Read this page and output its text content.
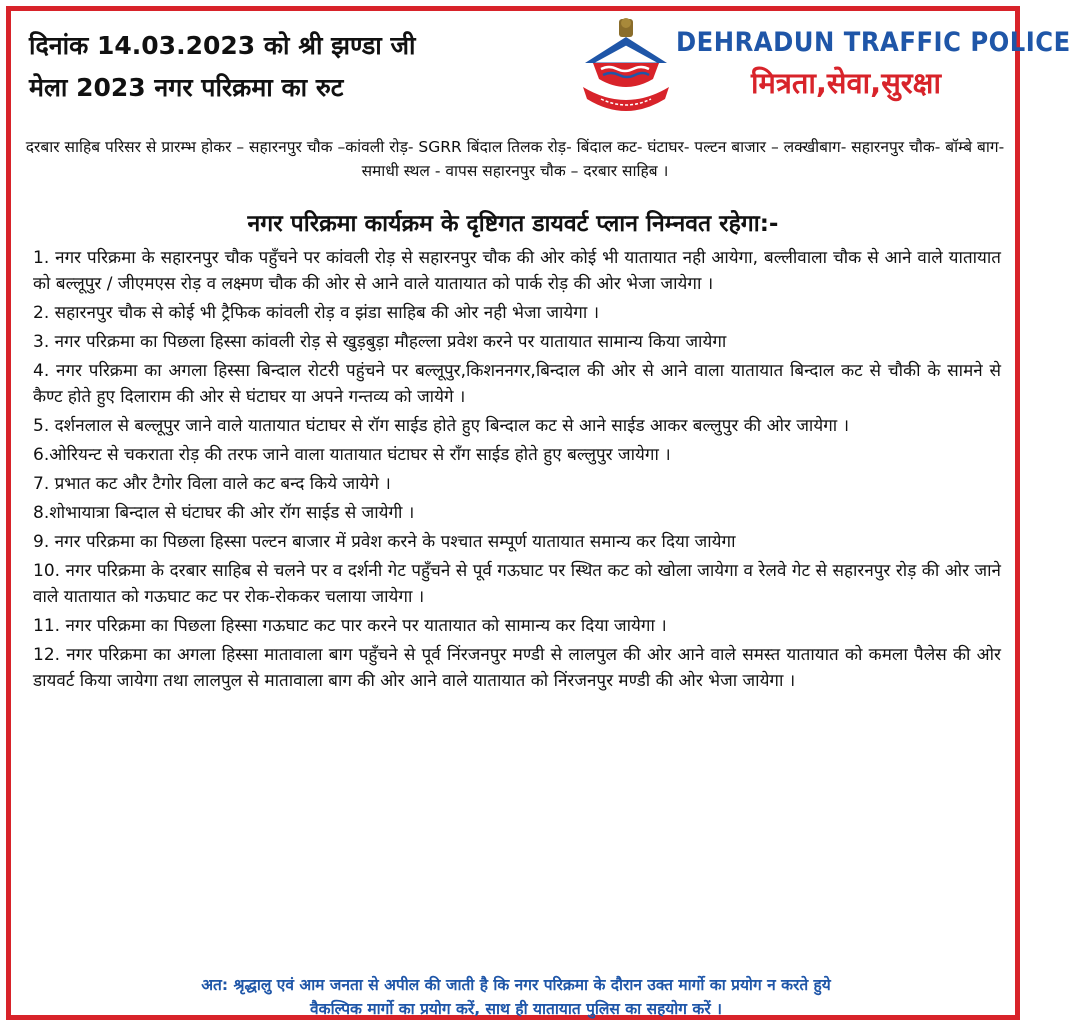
दिनांक 14.03.2023 को श्री झण्डा जी
मेला 2023 नगर परिक्रमा का रुट
DEHRADUN TRAFFIC POLICE
मित्रता,सेवा,सुरक्षा
दरबार साहिब परिसर से प्रारम्भ होकर – सहारनपुर चौक –कांवली रोड़- SGRR बिंदाल तिलक रोड़- बिंदाल कट- घंटाघर- पल्टन बाजार – लक्खीबाग- सहारनपुर चौक- बॉम्बे बाग- समाधी स्थल - वापस सहारनपुर चौक – दरबार साहिब ।
नगर परिक्रमा कार्यक्रम के दृष्टिगत डायवर्ट प्लान निम्नवत रहेगा:-
1. नगर परिक्रमा के सहारनपुर चौक पहुँचने पर कांवली रोड़ से सहारनपुर चौक की ओर कोई भी यातायात नही आयेगा, बल्लीवाला चौक से आने वाले यातायात को बल्लूपुर / जीएमएस रोड़ व लक्ष्मण चौक की ओर से आने वाले यातायात को पार्क रोड़ की ओर भेजा जायेगा ।
2. सहारनपुर चौक से कोई भी ट्रैफिक कांवली रोड़ व झंडा साहिब की ओर नही भेजा जायेगा ।
3. नगर परिक्रमा का पिछला हिस्सा कांवली रोड़ से खुड़बुड़ा मौहल्ला प्रवेश करने पर यातायात सामान्य किया जायेगा
4. नगर परिक्रमा का अगला हिस्सा बिन्दाल रोटरी पहुंचने पर बल्लूपुर,किशननगर,बिन्दाल की ओर से आने वाला यातायात बिन्दाल कट से चौकी के सामने से कैण्ट होते हुए दिलाराम की ओर से घंटाघर या अपने गन्तव्य को जायेगे ।
5. दर्शनलाल से बल्लूपुर जाने वाले यातायात घंटाघर से रॉग साईड होते हुए बिन्दाल कट से आने साईड आकर बल्लुपुर की ओर जायेगा ।
6.ओरियन्ट से चकराता रोड़ की तरफ जाने वाला यातायात घंटाघर से रॉंग साईड होते हुए बल्लुपुर जायेगा ।
7. प्रभात कट और टैगोर विला वाले कट बन्द किये जायेगे ।
8.शोभायात्रा बिन्दाल से घंटाघर की ओर रॉग साईड से जायेगी ।
9. नगर परिक्रमा का पिछला हिस्सा पल्टन बाजार में प्रवेश करने के पश्चात सम्पूर्ण यातायात समान्य कर दिया जायेगा
10. नगर परिक्रमा के दरबार साहिब से चलने पर व दर्शनी गेट पहुँचने से पूर्व गऊघाट पर स्थित कट को खोला जायेगा व रेलवे गेट से सहारनपुर रोड़ की ओर जाने वाले यातायात को गऊघाट कट पर रोक-रोककर चलाया जायेगा ।
11. नगर परिक्रमा का पिछला हिस्सा गऊघाट कट पार करने पर यातायात को सामान्य कर दिया जायेगा ।
12. नगर परिक्रमा का अगला हिस्सा मातावाला बाग पहुँचने से पूर्व निंरजनपुर मण्डी से लालपुल की ओर आने वाले समस्त यातायात को कमला पैलेस की ओर डायवर्ट किया जायेगा तथा लालपुल से मातावाला बाग की ओर आने वाले यातायात को निंरजनपुर मण्डी की ओर भेजा जायेगा ।
अत: श्रृद्धालु एवं आम जनता से अपील की जाती है कि नगर परिक्रमा के दौरान उक्त मार्गो का प्रयोग न करते हुये
वैकल्पिक मार्गो का प्रयोग करें, साथ ही यातायात पुलिस का सहयोग करें ।
